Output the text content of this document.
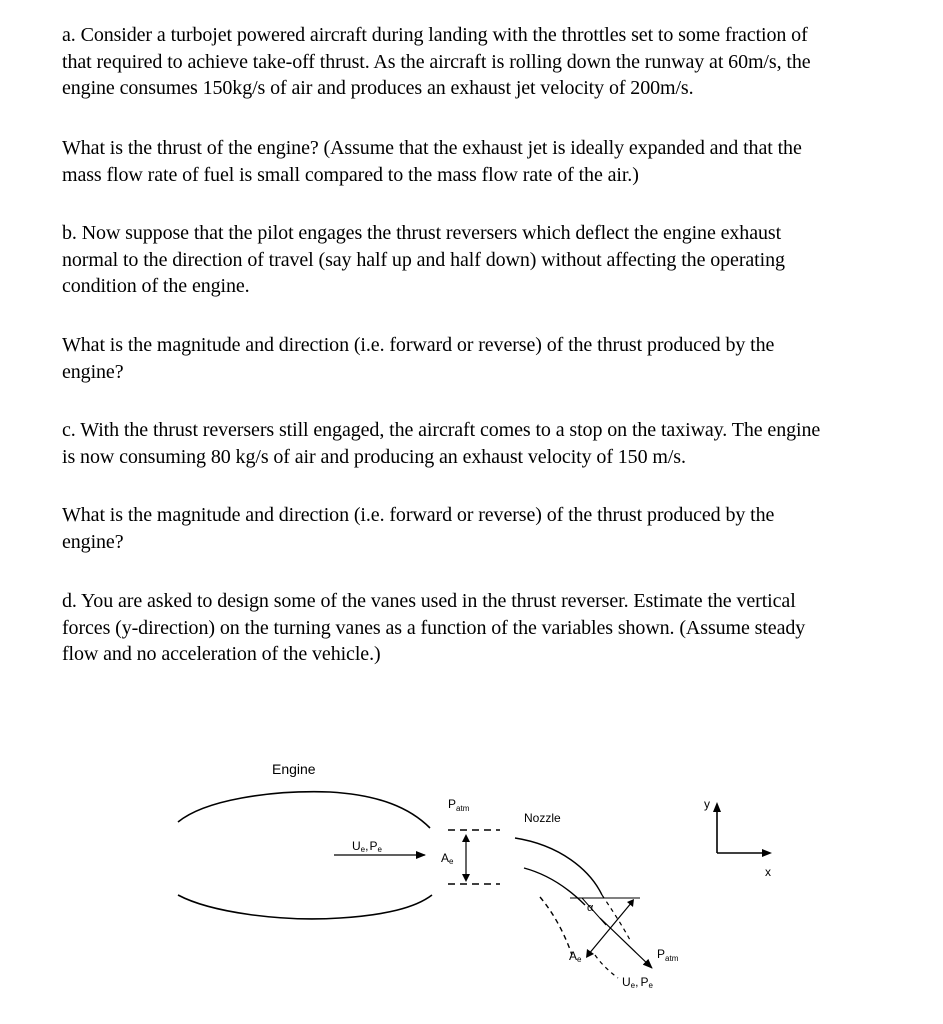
a. Consider a turbojet powered aircraft during landing with the throttles set to some fraction of
that required to achieve take-off thrust. As the aircraft is rolling down the runway at 60m/s, the
engine consumes 150kg/s of air and produces an exhaust jet velocity of 200m/s.

What is the thrust of the engine? (Assume that the exhaust jet is ideally expanded and that the
mass flow rate of fuel is small compared to the mass flow rate of the air.)

b. Now suppose that the pilot engages the thrust reversers which deflect the engine exhaust
normal to the direction of travel (say half up and half down) without affecting the operating
condition of the engine.

What is the magnitude and direction (i.e. forward or reverse) of the thrust produced by the
engine?

c. With the thrust reversers still engaged, the aircraft comes to a stop on the taxiway. The engine
is now consuming 80 kg/s of air and producing an exhaust velocity of 150 m/s.

What is the magnitude and direction (i.e. forward or reverse) of the thrust produced by the
engine?

d. You are asked to design some of the vanes used in the thrust reverser. Estimate the vertical
forces (y-direction) on the turning vanes as a function of the variables shown. (Assume steady
flow and no acceleration of the vehicle.)

Engine
Ue,Pe
Ae
$P_{atm}$
Nozzle
α
Ae	$P_{atm}$
Ue, Pe
y
x
